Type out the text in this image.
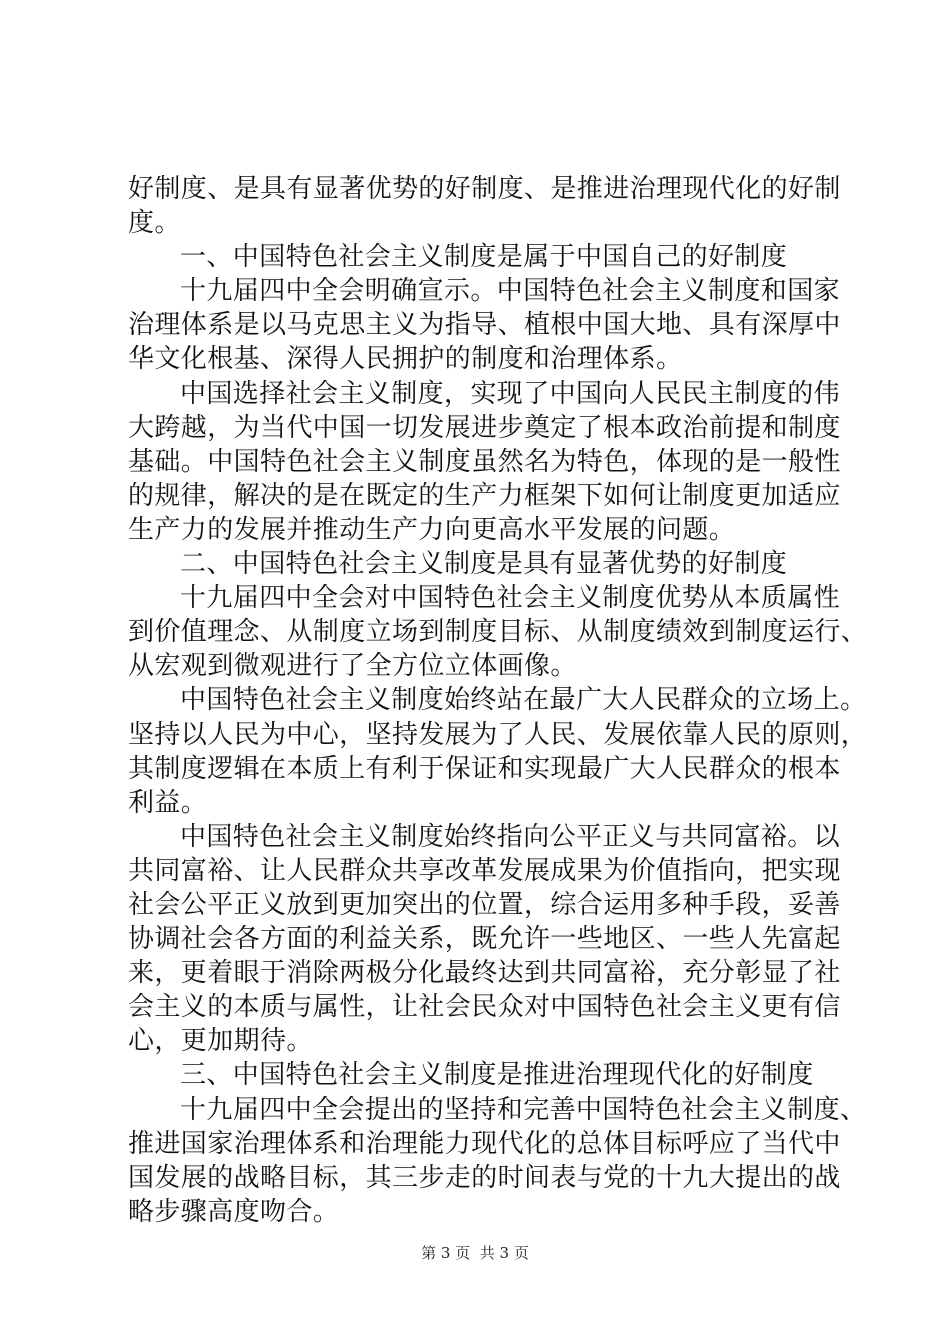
好制度、是具有显著优势的好制度、是推进治理现代化的好制
度。
一、中国特色社会主义制度是属于中国自己的好制度
十九届四中全会明确宣示。中国特色社会主义制度和国家
治理体系是以马克思主义为指导、植根中国大地、具有深厚中
华文化根基、深得人民拥护的制度和治理体系。
中国选择社会主义制度，实现了中国向人民民主制度的伟
大跨越，为当代中国一切发展进步奠定了根本政治前提和制度
基础。中国特色社会主义制度虽然名为特色，体现的是一般性
的规律，解决的是在既定的生产力框架下如何让制度更加适应
生产力的发展并推动生产力向更高水平发展的问题。
二、中国特色社会主义制度是具有显著优势的好制度
十九届四中全会对中国特色社会主义制度优势从本质属性
到价值理念、从制度立场到制度目标、从制度绩效到制度运行、
从宏观到微观进行了全方位立体画像。
中国特色社会主义制度始终站在最广大人民群众的立场上。
坚持以人民为中心，坚持发展为了人民、发展依靠人民的原则，
其制度逻辑在本质上有利于保证和实现最广大人民群众的根本
利益。
中国特色社会主义制度始终指向公平正义与共同富裕。以
共同富裕、让人民群众共享改革发展成果为价值指向，把实现
社会公平正义放到更加突出的位置，综合运用多种手段，妥善
协调社会各方面的利益关系，既允许一些地区、一些人先富起
来，更着眼于消除两极分化最终达到共同富裕，充分彰显了社
会主义的本质与属性，让社会民众对中国特色社会主义更有信
心，更加期待。
三、中国特色社会主义制度是推进治理现代化的好制度
十九届四中全会提出的坚持和完善中国特色社会主义制度、
推进国家治理体系和治理能力现代化的总体目标呼应了当代中
国发展的战略目标，其三步走的时间表与党的十九大提出的战
略步骤高度吻合。
第 3 页 共 3 页
